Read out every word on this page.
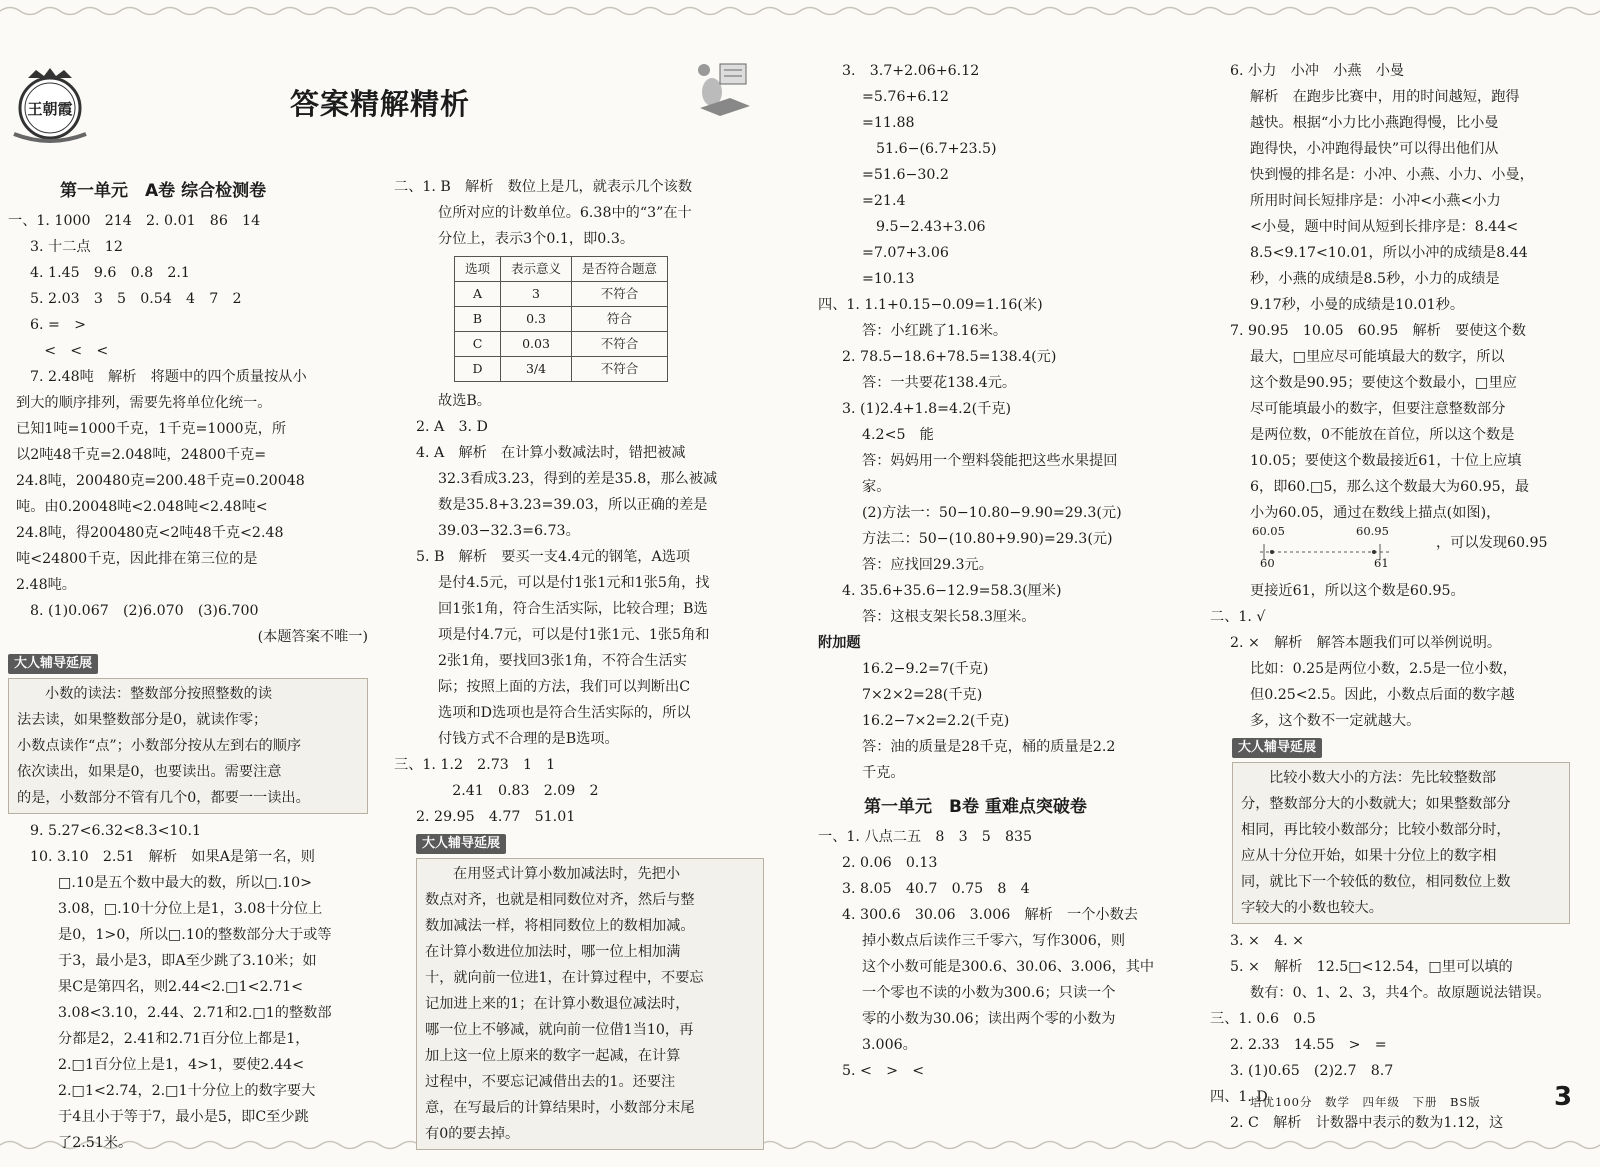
王朝霞	答案精解精析
第一单元　A卷 综合检测卷
一、1. 1000　214　2. 0.01　86　14
3. 十二点　12
4. 1.45　9.6　0.8　2.1
5. 2.03　3　5　0.54　4　7　2
6. =　>
　<　<　<
7. 2.48吨　解析　将题中的四个质量按从小
到大的顺序排列，需要先将单位化统一。
已知1吨=1000千克，1千克=1000克，所
以2吨48千克=2.048吨，24800千克=
24.8吨，200480克=200.48千克=0.20048
吨。由0.20048吨<2.048吨<2.48吨<
24.8吨，得200480克<2吨48千克<2.48
吨<24800千克，因此排在第三位的是
2.48吨。
8. (1)0.067　(2)6.070　(3)6.700
(本题答案不唯一)
大人辅导延展
小数的读法：整数部分按照整数的读
法去读，如果整数部分是0，就读作零；
小数点读作“点”；小数部分按从左到右的顺序
依次读出，如果是0，也要读出。需要注意
的是，小数部分不管有几个0，都要一一读出。
9. 5.27<6.32<8.3<10.1
10. 3.10　2.51　解析　如果A是第一名，则
□.10是五个数中最大的数，所以□.10>
3.08，□.10十分位上是1，3.08十分位上
是0，1>0，所以□.10的整数部分大于或等
于3，最小是3，即A至少跳了3.10米；如
果C是第四名，则2.44<2.□1<2.71<
3.08<3.10，2.44、2.71和2.□1的整数部
分都是2，2.41和2.71百分位上都是1，
2.□1百分位上是1，4>1，要使2.44<
2.□1<2.74，2.□1十分位上的数字要大
于4且小于等于7，最小是5，即C至少跳
了2.51米。
二、1. B　解析　数位上是几，就表示几个该数
位所对应的计数单位。6.38中的“3”在十
分位上，表示3个0.1，即0.3。
选项	表示意义	是否符合题意
A	3	不符合
B	0.3	符合
C	0.03	不符合
D	3/4	不符合
故选B。
2. A　3. D
4. A　解析　在计算小数减法时，错把被减
32.3看成3.23，得到的差是35.8，那么被减
数是35.8+3.23=39.03，所以正确的差是
39.03−32.3=6.73。
5. B　解析　要买一支4.4元的钢笔，A选项
是付4.5元，可以是付1张1元和1张5角，找
回1张1角，符合生活实际，比较合理；B选
项是付4.7元，可以是付1张1元、1张5角和
2张1角，要找回3张1角，不符合生活实
际；按照上面的方法，我们可以判断出C
选项和D选项也是符合生活实际的，所以
付钱方式不合理的是B选项。
三、1. 1.2　2.73　1　1
　2.41　0.83　2.09　2
2. 29.95　4.77　51.01
大人辅导延展
在用竖式计算小数加减法时，先把小
数点对齐，也就是相同数位对齐，然后与整
数加减法一样，将相同数位上的数相加减。
在计算小数进位加法时，哪一位上相加满
十，就向前一位进1，在计算过程中，不要忘
记加进上来的1；在计算小数退位减法时，
哪一位上不够减，就向前一位借1当10，再
加上这一位上原来的数字一起减，在计算
过程中，不要忘记减借出去的1。还要注
意，在写最后的计算结果时，小数部分末尾
有0的要去掉。
3.　3.7+2.06+6.12
=5.76+6.12
=11.88
51.6−(6.7+23.5)
=51.6−30.2
=21.4
9.5−2.43+3.06
=7.07+3.06
=10.13
四、1. 1.1+0.15−0.09=1.16(米)
答：小红跳了1.16米。
2. 78.5−18.6+78.5=138.4(元)
答：一共要花138.4元。
3. (1)2.4+1.8=4.2(千克)
4.2<5　能
答：妈妈用一个塑料袋能把这些水果提回
家。
(2)方法一：50−10.80−9.90=29.3(元)
方法二：50−(10.80+9.90)=29.3(元)
答：应找回29.3元。
4. 35.6+35.6−12.9=58.3(厘米)
答：这根支架长58.3厘米。
附加题
16.2−9.2=7(千克)
7×2×2=28(千克)
16.2−7×2=2.2(千克)
答：油的质量是28千克，桶的质量是2.2
千克。
第一单元　B卷 重难点突破卷
一、1. 八点二五　8　3　5　835
2. 0.06　0.13
3. 8.05　40.7　0.75　8　4
4. 300.6　30.06　3.006　解析　一个小数去
掉小数点后读作三千零六，写作3006，则
这个小数可能是300.6、30.06、3.006，其中
一个零也不读的小数为300.6；只读一个
零的小数为30.06；读出两个零的小数为
3.006。
5. <　>　<
6. 小力　小冲　小燕　小曼
解析　在跑步比赛中，用的时间越短，跑得
越快。根据“小力比小燕跑得慢，比小曼
跑得快，小冲跑得最快”可以得出他们从
快到慢的排名是：小冲、小燕、小力、小曼，
所用时间长短排序是：小冲<小燕<小力
<小曼，题中时间从短到长排序是：8.44<
8.5<9.17<10.01，所以小冲的成绩是8.44
秒，小燕的成绩是8.5秒，小力的成绩是
9.17秒，小曼的成绩是10.01秒。
7. 90.95　10.05　60.95　解析　要使这个数
最大，□里应尽可能填最大的数字，所以
这个数是90.95；要使这个数最小，□里应
尽可能填最小的数字，但要注意整数部分
是两位数，0不能放在首位，所以这个数是
10.05；要使这个数最接近61，十位上应填
6，即60.□5，那么这个数最大为60.95，最
小为60.05，通过在数线上描点(如图)，
60.05	60.95
60	61
，可以发现60.95
更接近61，所以这个数是60.95。
二、1. √
2. ×　解析　解答本题我们可以举例说明。
比如：0.25是两位小数，2.5是一位小数，
但0.25<2.5。因此，小数点后面的数字越
多，这个数不一定就越大。
大人辅导延展
比较小数大小的方法：先比较整数部
分，整数部分大的小数就大；如果整数部分
相同，再比较小数部分；比较小数部分时，
应从十分位开始，如果十分位上的数字相
同，就比下一个较低的数位，相同数位上数
字较大的小数也较大。
3. ×　4. ×
5. ×　解析　12.5□<12.54，□里可以填的
数有：0、1、2、3，共4个。故原题说法错误。
三、1. 0.6　0.5
2. 2.33　14.55　>　=
3. (1)0.65　(2)2.7　8.7
四、1. D
2. C　解析　计数器中表示的数为1.12，这
培优100分　数学　四年级　下册　BS版	3
